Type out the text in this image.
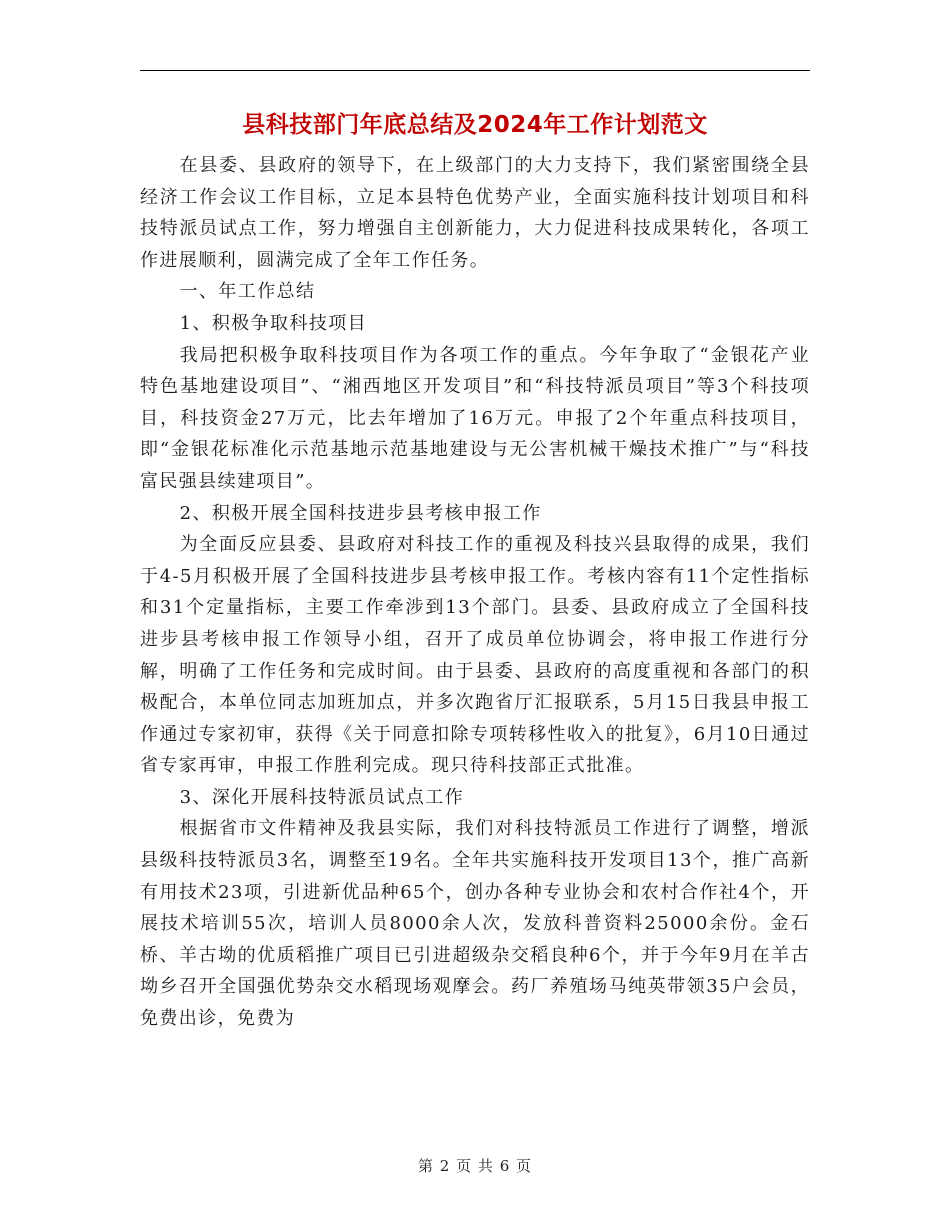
县科技部门年底总结及2024年工作计划范文

在县委、县政府的领导下，在上级部门的大力支持下，我们紧密围绕全县经济工作会议工作目标，立足本县特色优势产业，全面实施科技计划项目和科技特派员试点工作，努力增强自主创新能力，大力促进科技成果转化，各项工作进展顺利，圆满完成了全年工作任务。

一、年工作总结

1、积极争取科技项目

我局把积极争取科技项目作为各项工作的重点。今年争取了“金银花产业特色基地建设项目”、“湘西地区开发项目”和“科技特派员项目”等3个科技项目，科技资金27万元，比去年增加了16万元。申报了2个年重点科技项目，即“金银花标准化示范基地示范基地建设与无公害机械干燥技术推广”与“科技富民强县续建项目”。

2、积极开展全国科技进步县考核申报工作

为全面反应县委、县政府对科技工作的重视及科技兴县取得的成果，我们于4-5月积极开展了全国科技进步县考核申报工作。考核内容有11个定性指标和31个定量指标，主要工作牵涉到13个部门。县委、县政府成立了全国科技进步县考核申报工作领导小组，召开了成员单位协调会，将申报工作进行分解，明确了工作任务和完成时间。由于县委、县政府的高度重视和各部门的积极配合，本单位同志加班加点，并多次跑省厅汇报联系，5月15日我县申报工作通过专家初审，获得《关于同意扣除专项转移性收入的批复》，6月10日通过省专家再审，申报工作胜利完成。现只待科技部正式批准。

3、深化开展科技特派员试点工作

根据省市文件精神及我县实际，我们对科技特派员工作进行了调整，增派县级科技特派员3名，调整至19名。全年共实施科技开发项目13个，推广高新有用技术23项，引进新优品种65个，创办各种专业协会和农村合作社4个，开展技术培训55次，培训人员8000余人次，发放科普资料25000余份。金石桥、羊古坳的优质稻推广项目已引进超级杂交稻良种6个，并于今年9月在羊古坳乡召开全国强优势杂交水稻现场观摩会。药厂养殖场马纯英带领35户会员，免费出诊，免费为

第 2 页 共 6 页
